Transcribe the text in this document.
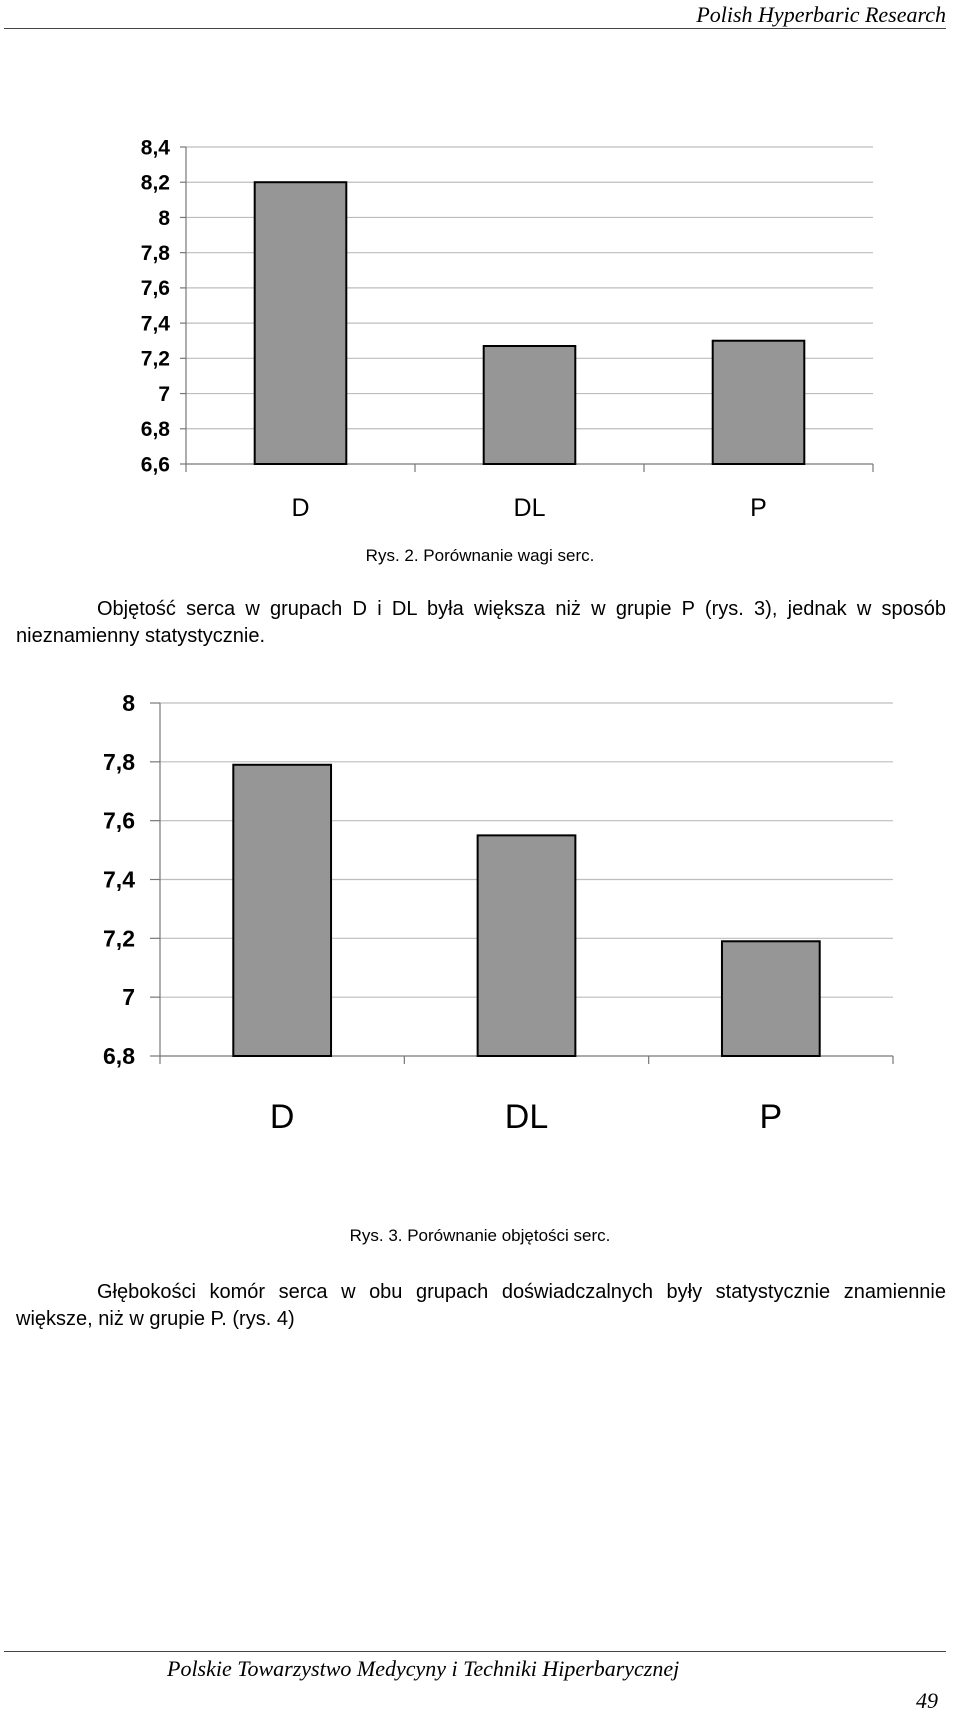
Polish Hyperbaric Research
8,4
8,2
8
7,8
7,6
7,4
7,2
7
6,8
6,6
D	DL	P
Rys. 2. Porównanie wagi serc.
Objętość serca w grupach D i DL była większa niż w grupie P (rys. 3), jednak w sposób nieznamienny statystycznie.
8
7,8
7,6
7,4
7,2
7
6,8
D	DL	P
Rys. 3. Porównanie objętości serc.
Głębokości komór serca w obu grupach doświadczalnych były statystycznie znamiennie większe, niż w grupie P. (rys. 4)
Polskie Towarzystwo Medycyny i Techniki Hiperbarycznej
49
